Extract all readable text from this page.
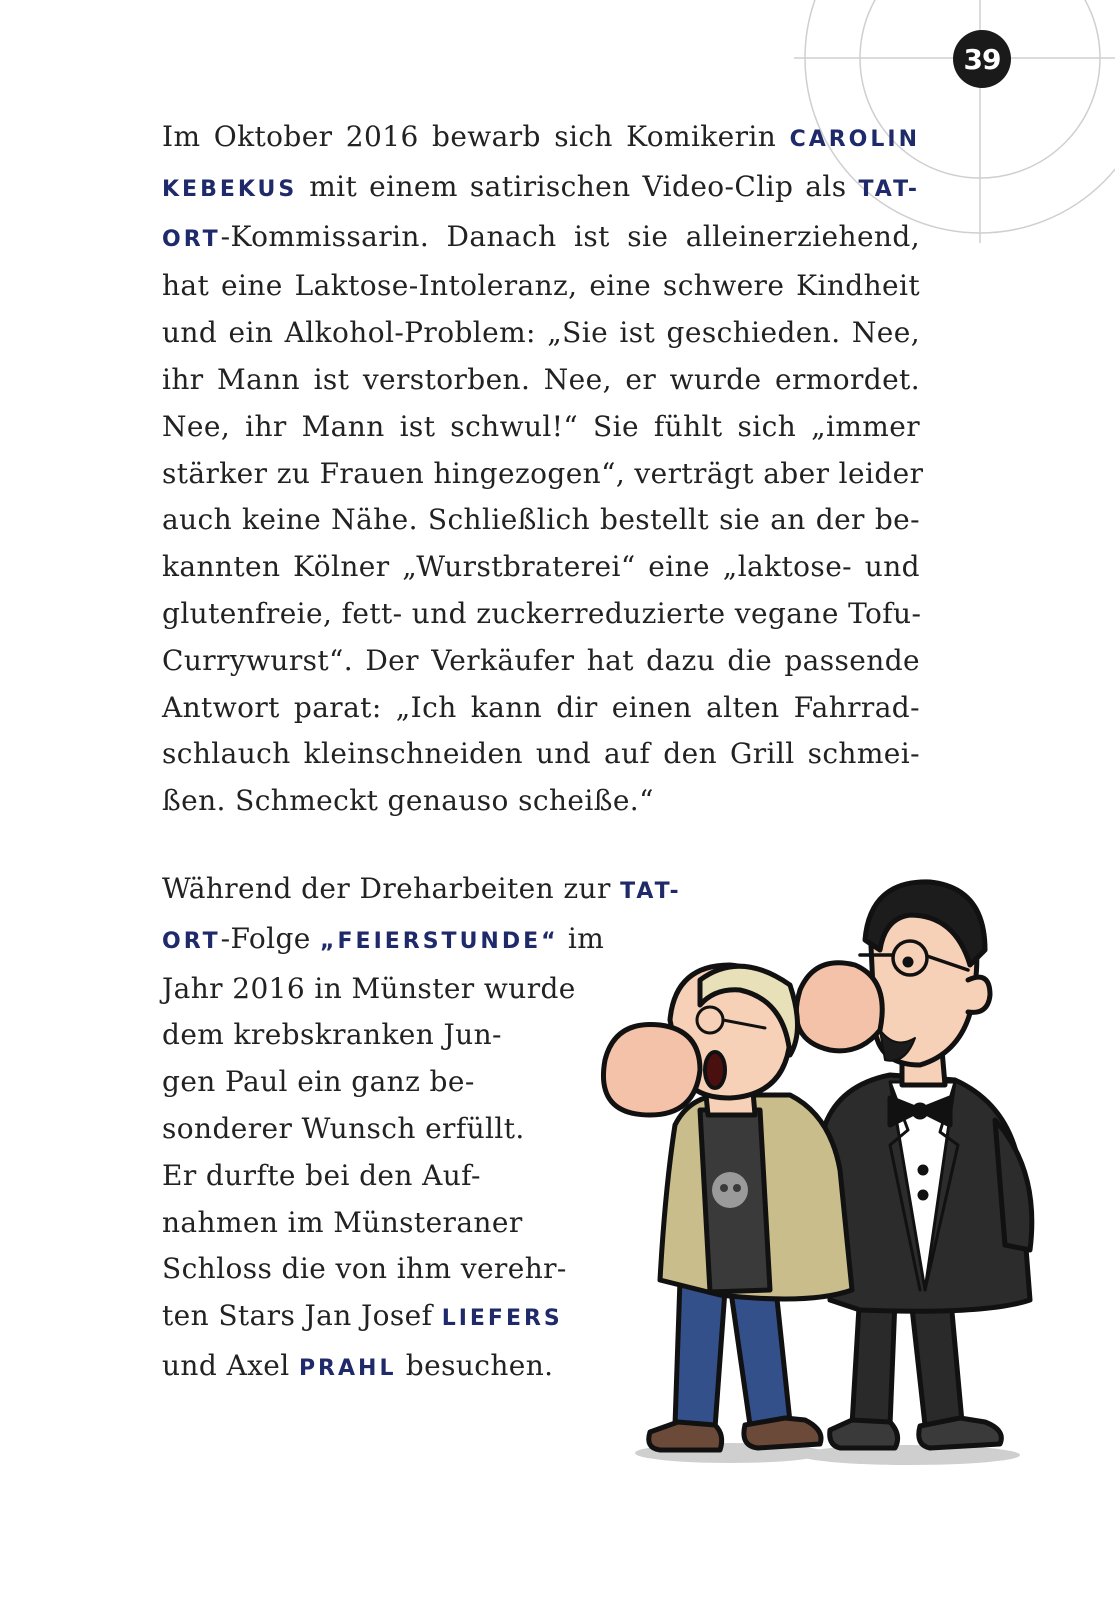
39
Im Oktober 2016 bewarb sich Komikerin CAROLIN
KEBEKUS mit einem satirischen Video-Clip als TAT-
ORT-Kommissarin. Danach ist sie alleinerziehend,
hat eine Laktose-Intoleranz, eine schwere Kindheit
und ein Alkohol-Problem: „Sie ist geschieden. Nee,
ihr Mann ist verstorben. Nee, er wurde ermordet.
Nee, ihr Mann ist schwul!“ Sie fühlt sich „immer
stärker zu Frauen hingezogen“, verträgt aber leider
auch keine Nähe. Schließlich bestellt sie an der be-
kannten Kölner „Wurstbraterei“ eine „laktose- und
glutenfreie, fett- und zuckerreduzierte vegane Tofu-
Currywurst“. Der Verkäufer hat dazu die passende
Antwort parat: „Ich kann dir einen alten Fahrrad-
schlauch kleinschneiden und auf den Grill schmei-
ßen. Schmeckt genauso scheiße.“
Während der Dreharbeiten zur TAT-
ORT-Folge „FEIERSTUNDE“ im
Jahr 2016 in Münster wurde
dem krebskranken Jun-
gen Paul ein ganz be-
sonderer Wunsch erfüllt.
Er durfte bei den Auf-
nahmen im Münsteraner
Schloss die von ihm verehr-
ten Stars Jan Josef LIEFERS
und Axel PRAHL besuchen.
